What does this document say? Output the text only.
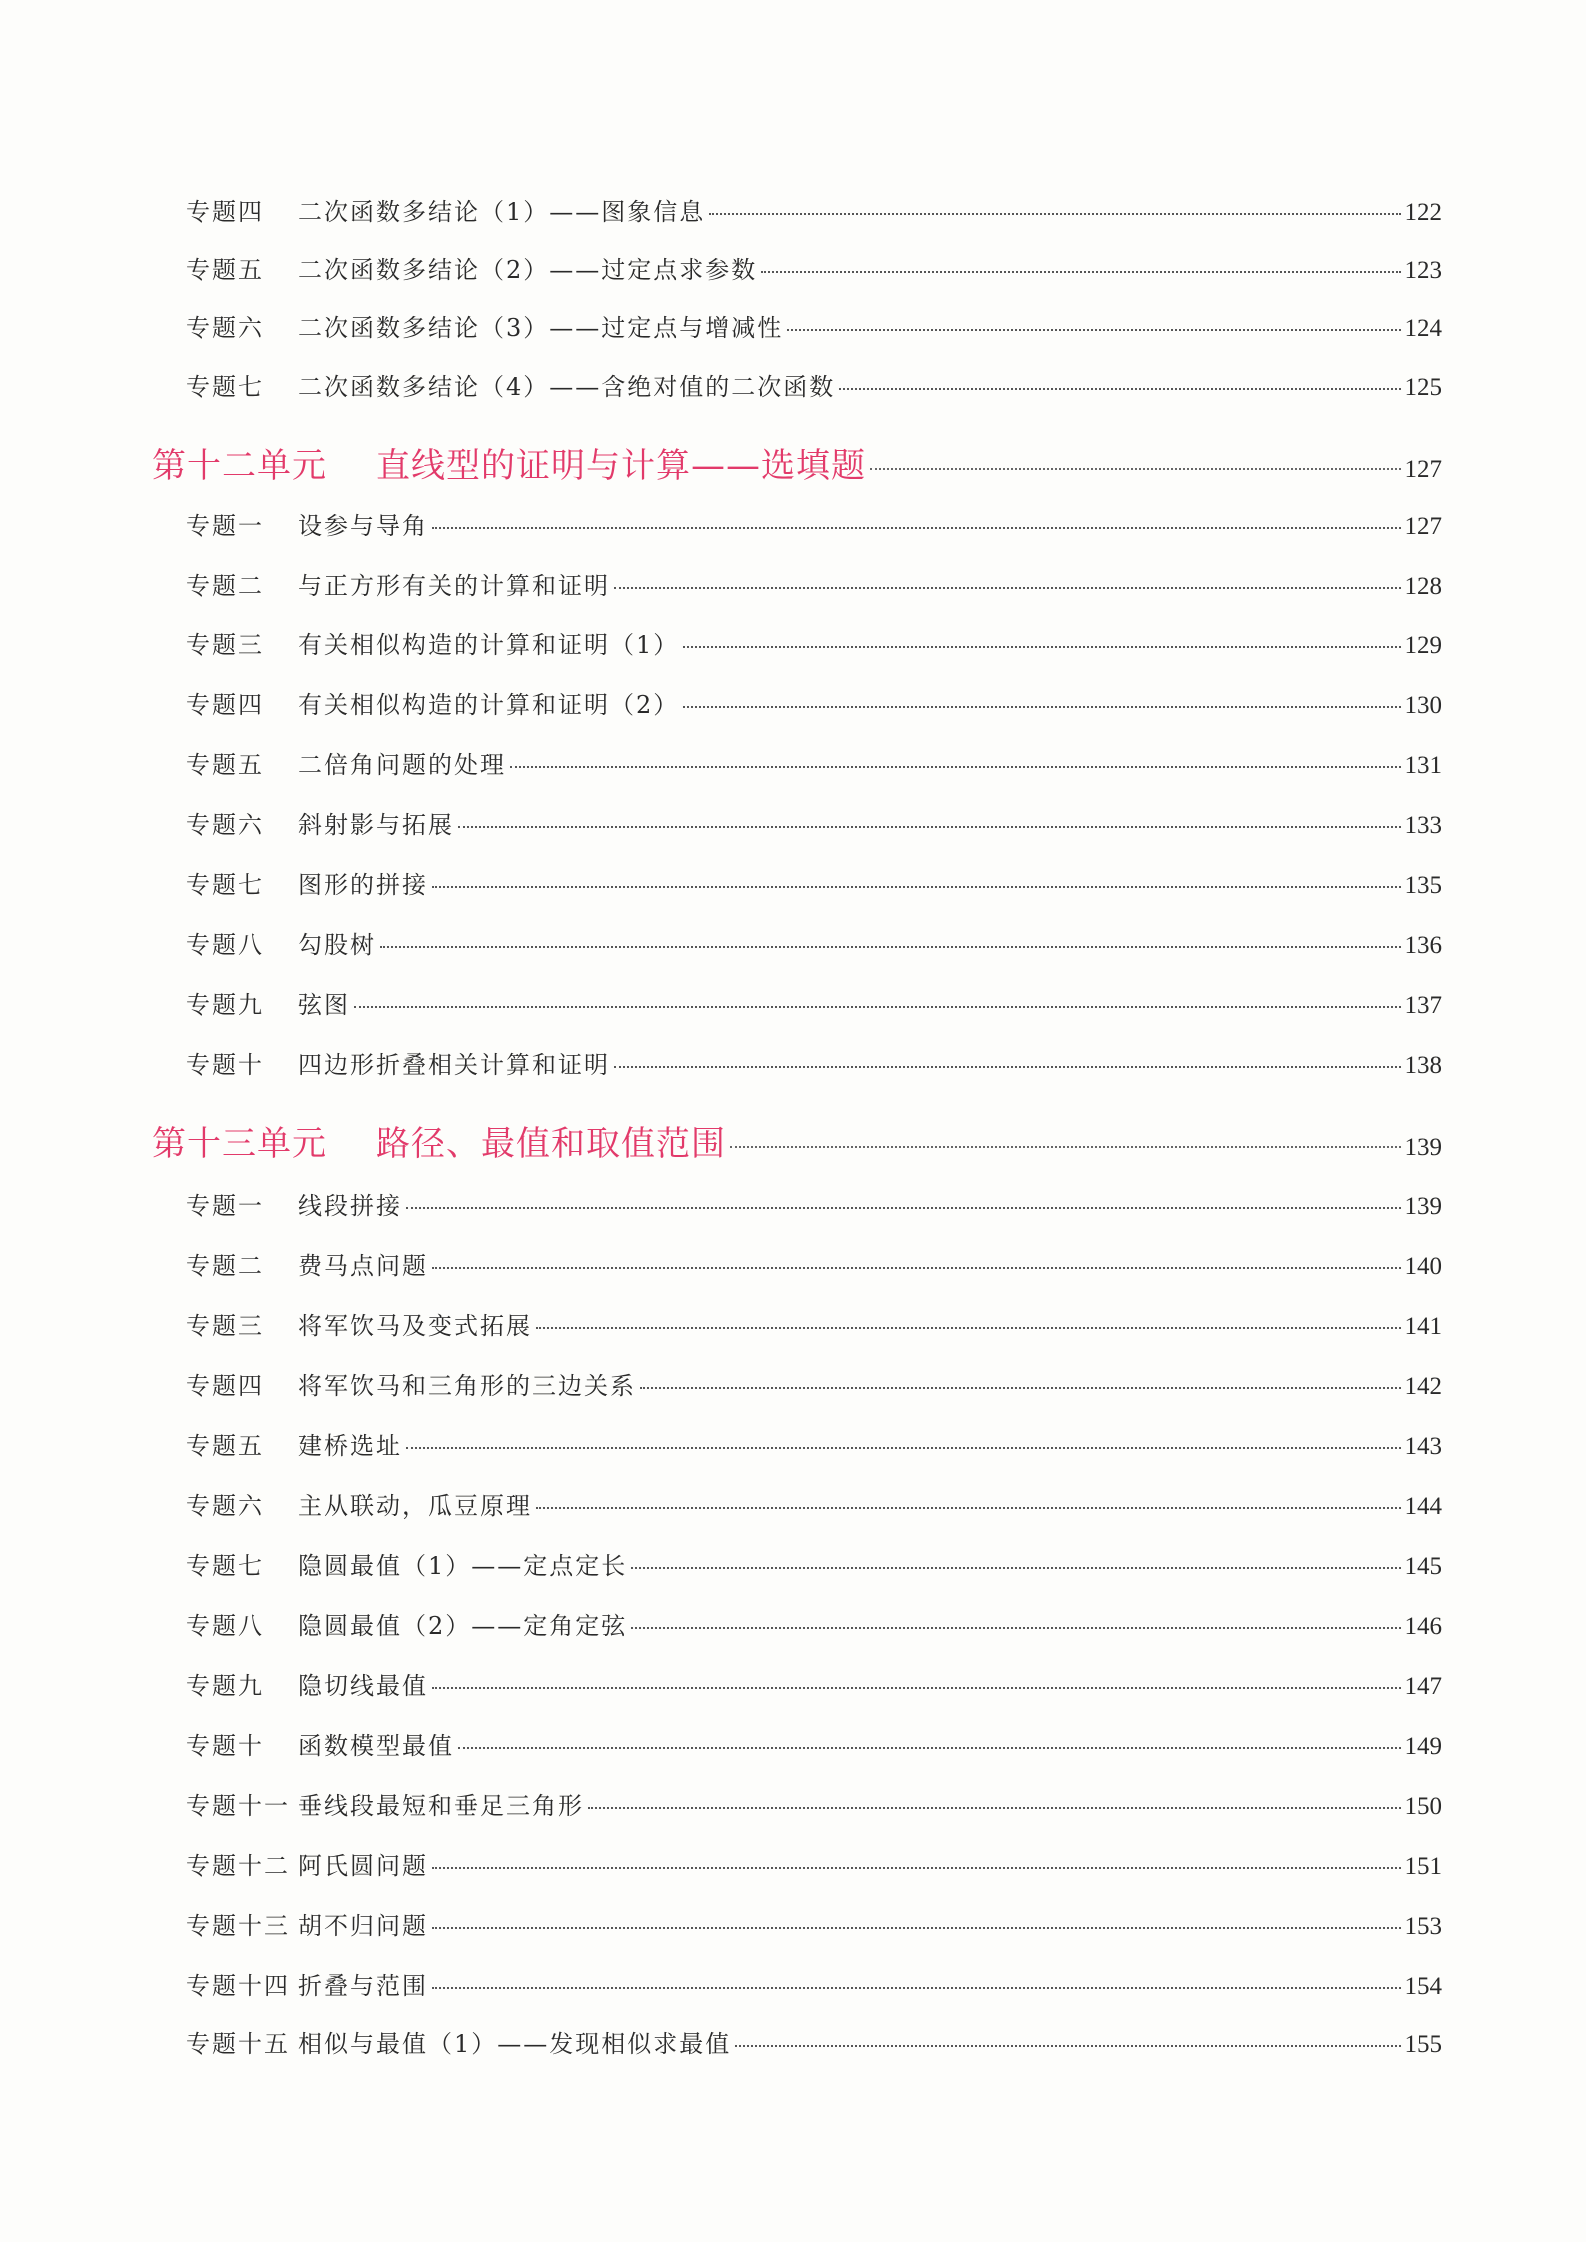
专题四	二次函数多结论（1）——图象信息	122
专题五	二次函数多结论（2）——过定点求参数	123
专题六	二次函数多结论（3）——过定点与增减性	124
专题七	二次函数多结论（4）——含绝对值的二次函数	125
第十二单元	直线型的证明与计算——选填题	127
专题一	设参与导角	127
专题二	与正方形有关的计算和证明	128
专题三	有关相似构造的计算和证明（1）	129
专题四	有关相似构造的计算和证明（2）	130
专题五	二倍角问题的处理	131
专题六	斜射影与拓展	133
专题七	图形的拼接	135
专题八	勾股树	136
专题九	弦图	137
专题十	四边形折叠相关计算和证明	138
第十三单元	路径、最值和取值范围	139
专题一	线段拼接	139
专题二	费马点问题	140
专题三	将军饮马及变式拓展	141
专题四	将军饮马和三角形的三边关系	142
专题五	建桥选址	143
专题六	主从联动，瓜豆原理	144
专题七	隐圆最值（1）——定点定长	145
专题八	隐圆最值（2）——定角定弦	146
专题九	隐切线最值	147
专题十	函数模型最值	149
专题十一 垂线段最短和垂足三角形	150
专题十二 阿氏圆问题	151
专题十三 胡不归问题	153
专题十四 折叠与范围	154
专题十五 相似与最值（1）——发现相似求最值	155
